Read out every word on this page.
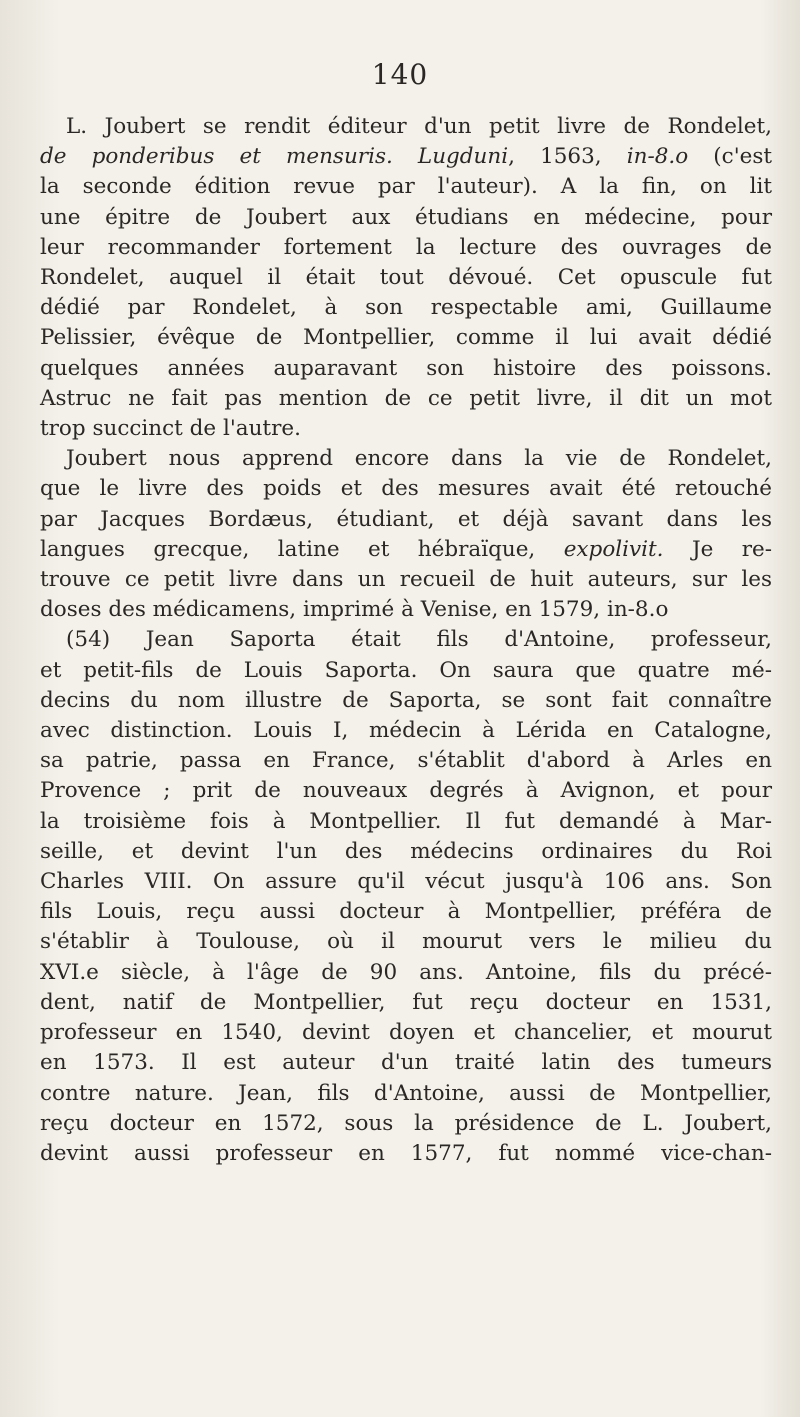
140

L. Joubert se rendit éditeur d'un petit livre de Rondelet,
de ponderibus et mensuris. Lugduni, 1563, in-8.o (c'est
la seconde édition revue par l'auteur). A la fin, on lit
une épitre de Joubert aux étudians en médecine, pour
leur recommander fortement la lecture des ouvrages de
Rondelet, auquel il était tout dévoué. Cet opuscule fut
dédié par Rondelet, à son respectable ami, Guillaume
Pelissier, évêque de Montpellier, comme il lui avait dédié
quelques années auparavant son histoire des poissons.
Astruc ne fait pas mention de ce petit livre, il dit un mot
trop succinct de l'autre.

Joubert nous apprend encore dans la vie de Rondelet,
que le livre des poids et des mesures avait été retouché
par Jacques Bordæus, étudiant, et déjà savant dans les
langues grecque, latine et hébraïque, expolivit. Je re-
trouve ce petit livre dans un recueil de huit auteurs, sur les
doses des médicamens, imprimé à Venise, en 1579, in-8.o

(54) Jean Saporta était fils d'Antoine, professeur,
et petit-fils de Louis Saporta. On saura que quatre mé-
decins du nom illustre de Saporta, se sont fait connaître
avec distinction. Louis I, médecin à Lérida en Catalogne,
sa patrie, passa en France, s'établit d'abord à Arles en
Provence ; prit de nouveaux degrés à Avignon, et pour
la troisième fois à Montpellier. Il fut demandé à Mar-
seille, et devint l'un des médecins ordinaires du Roi
Charles VIII. On assure qu'il vécut jusqu'à 106 ans. Son
fils Louis, reçu aussi docteur à Montpellier, préféra de
s'établir à Toulouse, où il mourut vers le milieu du
XVI.e siècle, à l'âge de 90 ans. Antoine, fils du précé-
dent, natif de Montpellier, fut reçu docteur en 1531,
professeur en 1540, devint doyen et chancelier, et mourut
en 1573. Il est auteur d'un traité latin des tumeurs
contre nature. Jean, fils d'Antoine, aussi de Montpellier,
reçu docteur en 1572, sous la présidence de L. Joubert,
devint aussi professeur en 1577, fut nommé vice-chan-
